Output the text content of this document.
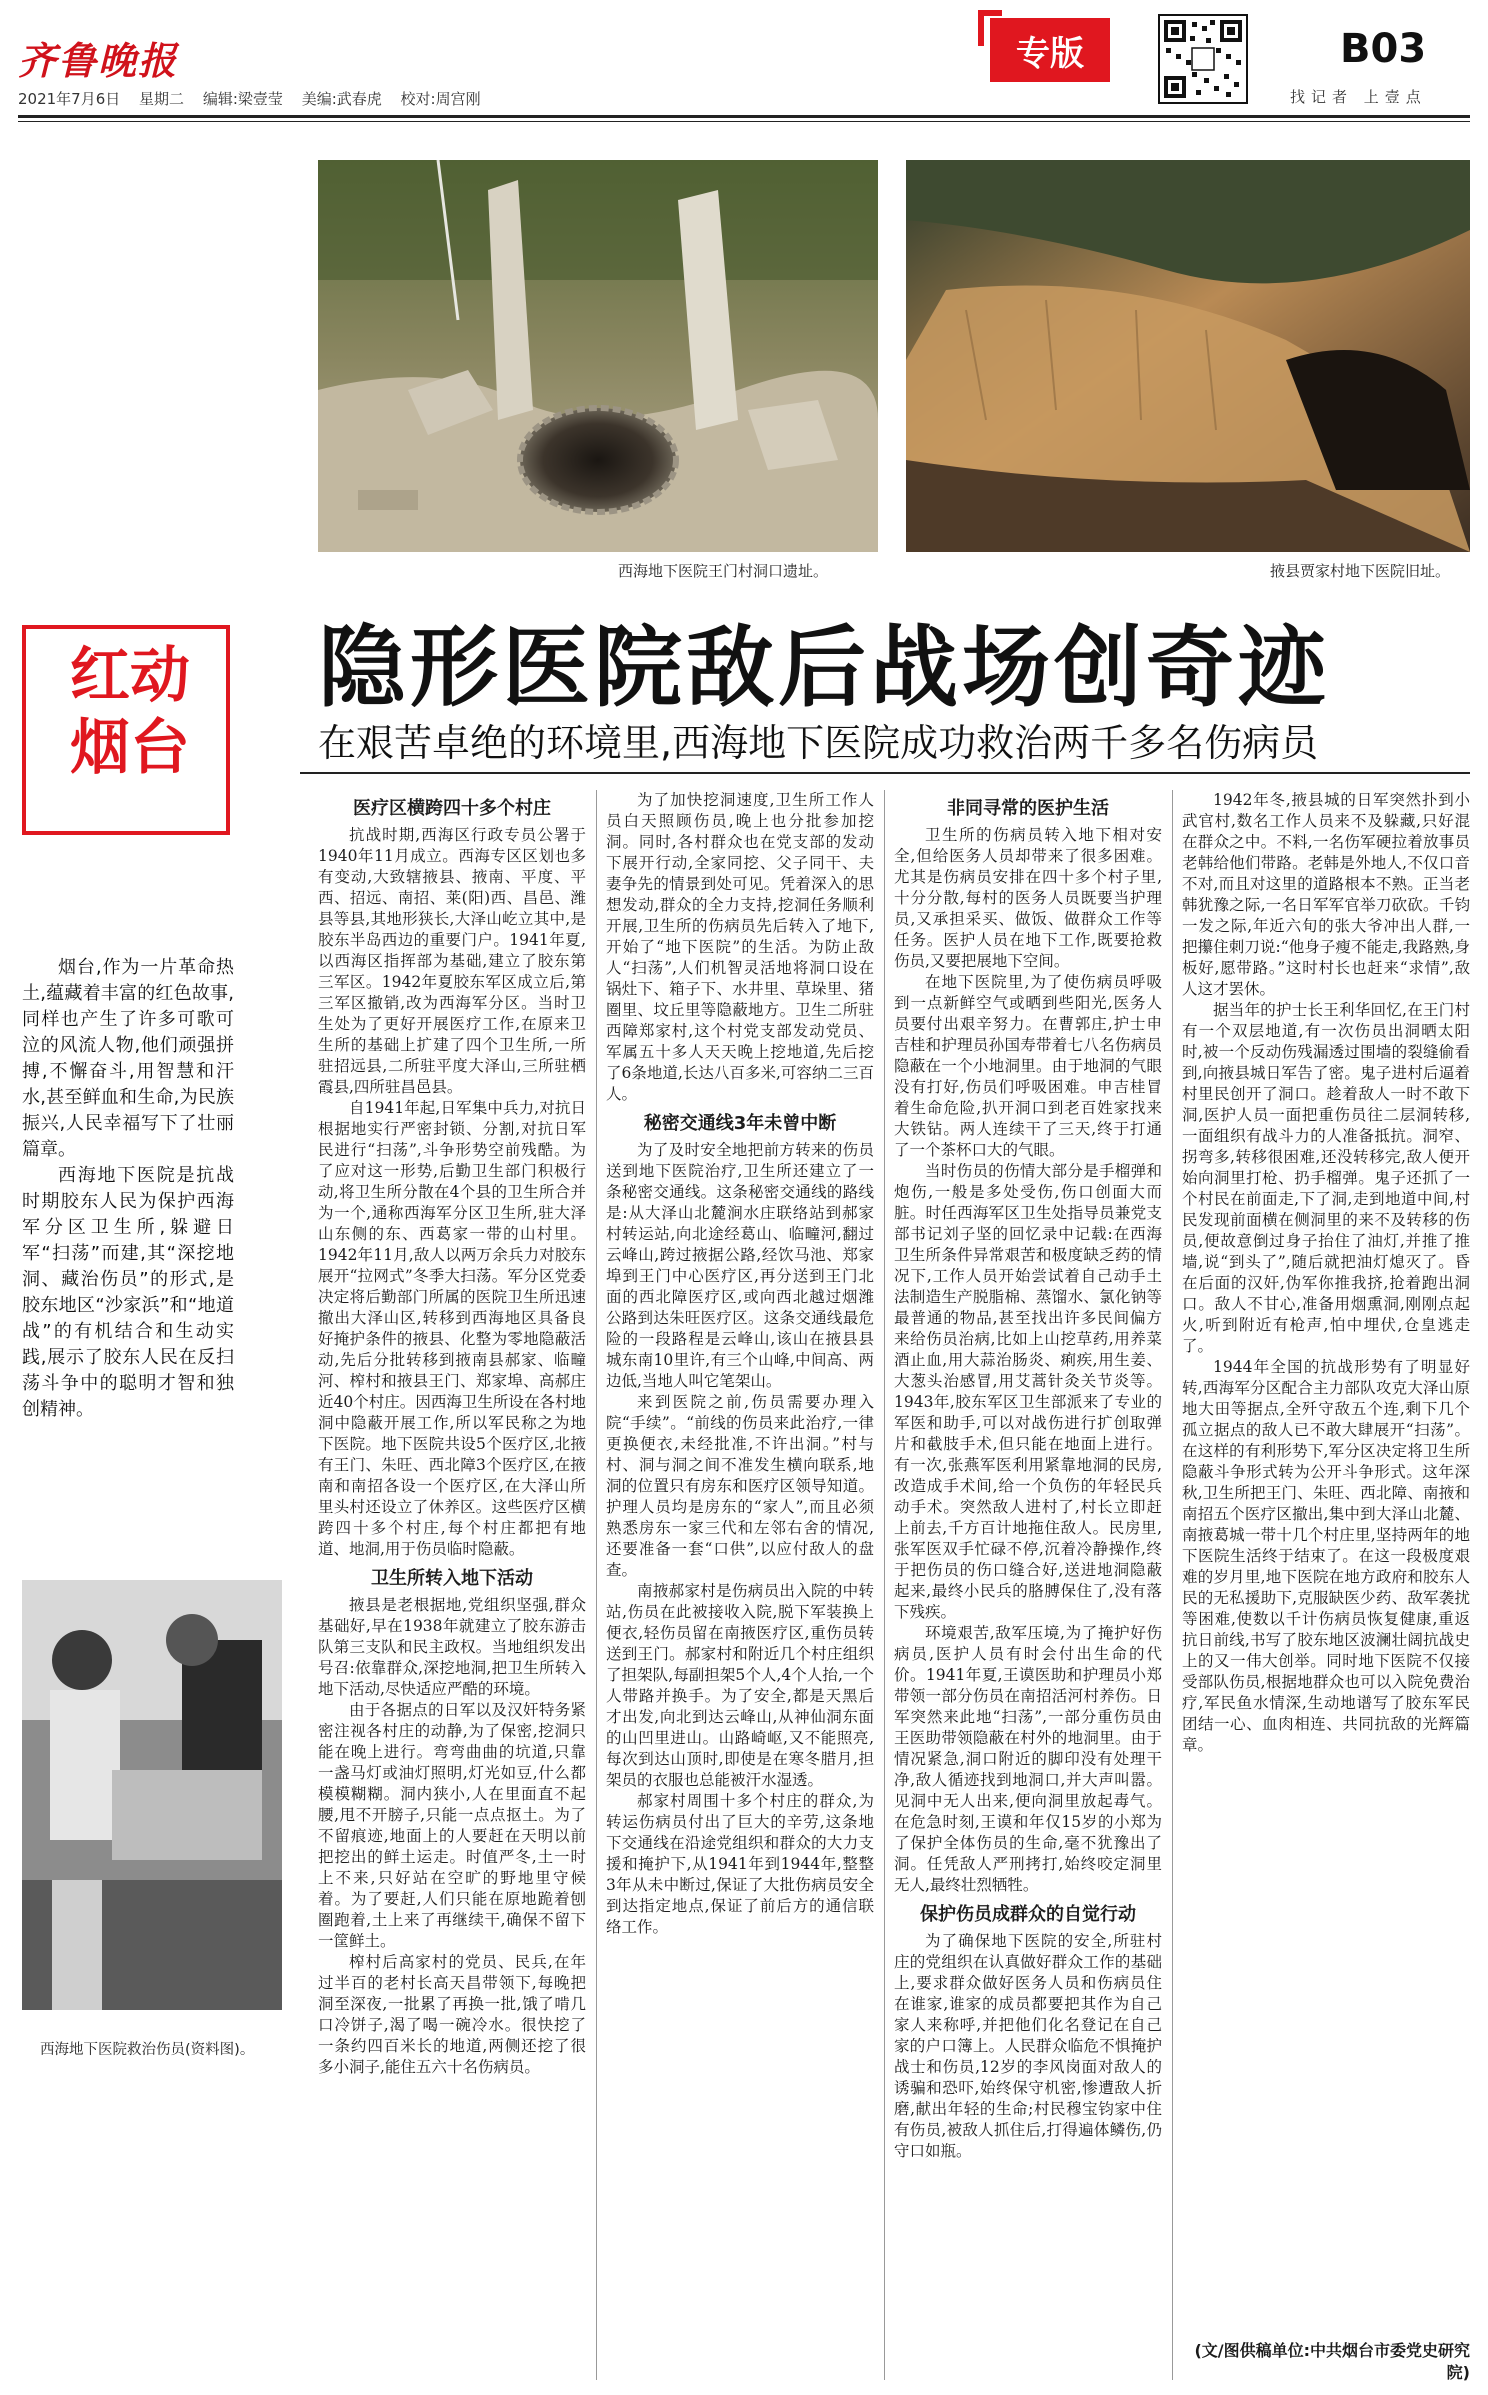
齐鲁晚报
2021年7月6日 星期二 编辑:梁壹莹 美编:武春虎 校对:周宫刚
专版	B03
找记者 上壹点
西海地下医院王门村洞口遗址。	掖县贾家村地下医院旧址。
红动
烟台
隐形医院敌后战场创奇迹
在艰苦卓绝的环境里,西海地下医院成功救治两千多名伤病员

烟台,作为一片革命热土,蕴藏着丰富的红色故事,同样也产生了许多可歌可泣的风流人物,他们顽强拼搏,不懈奋斗,用智慧和汗水,甚至鲜血和生命,为民族振兴,人民幸福写下了壮丽篇章。

西海地下医院是抗战时期胶东人民为保护西海军分区卫生所,躲避日军“扫荡”而建,其“深挖地洞、藏治伤员”的形式,是胶东地区“沙家浜”和“地道战”的有机结合和生动实践,展示了胶东人民在反扫荡斗争中的聪明才智和独创精神。

西海地下医院救治伤员(资料图)。
医疗区横跨四十多个村庄

抗战时期,西海区行政专员公署于1940年11月成立。西海专区区划也多有变动,大致辖掖县、掖南、平度、平西、招远、南招、莱(阳)西、昌邑、潍县等县,其地形狭长,大泽山屹立其中,是胶东半岛西边的重要门户。1941年夏,以西海区指挥部为基础,建立了胶东第三军区。1942年夏胶东军区成立后,第三军区撤销,改为西海军分区。当时卫生处为了更好开展医疗工作,在原来卫生所的基础上扩建了四个卫生所,一所驻招远县,二所驻平度大泽山,三所驻栖霞县,四所驻昌邑县。

自1941年起,日军集中兵力,对抗日根据地实行严密封锁、分割,对抗日军民进行“扫荡”,斗争形势空前残酷。为了应对这一形势,后勤卫生部门积极行动,将卫生所分散在4个县的卫生所合并为一个,通称西海军分区卫生所,驻大泽山东侧的东、西葛家一带的山村里。1942年11月,敌人以两万余兵力对胶东展开“拉网式”冬季大扫荡。军分区党委决定将后勤部门所属的医院卫生所迅速撤出大泽山区,转移到西海地区具备良好掩护条件的掖县、化整为零地隐蔽活动,先后分批转移到掖南县郝家、临疃河、榨村和掖县王门、郑家埠、高郝庄近40个村庄。因西海卫生所设在各村地洞中隐蔽开展工作,所以军民称之为地下医院。地下医院共设5个医疗区,北掖有王门、朱旺、西北障3个医疗区,在掖南和南招各设一个医疗区,在大泽山所里头村还设立了休养区。这些医疗区横跨四十多个村庄,每个村庄都把有地道、地洞,用于伤员临时隐蔽。

卫生所转入地下活动

掖县是老根据地,党组织坚强,群众基础好,早在1938年就建立了胶东游击队第三支队和民主政权。当地组织发出号召:依靠群众,深挖地洞,把卫生所转入地下活动,尽快适应严酷的环境。

由于各据点的日军以及汉奸特务紧密注视各村庄的动静,为了保密,挖洞只能在晚上进行。弯弯曲曲的坑道,只靠一盏马灯或油灯照明,灯光如豆,什么都模模糊糊。洞内狭小,人在里面直不起腰,甩不开膀子,只能一点点抠土。为了不留痕迹,地面上的人要赶在天明以前把挖出的鲜土运走。时值严冬,土一时上不来,只好站在空旷的野地里守候着。为了要赶,人们只能在原地跪着刨圈跑着,土上来了再继续干,确保不留下一筐鲜土。

榨村后高家村的党员、民兵,在年过半百的老村长高天昌带领下,每晚把洞至深夜,一批累了再换一批,饿了啃几口冷饼子,渴了喝一碗冷水。很快挖了一条约四百米长的地道,两侧还挖了很多小洞子,能住五六十名伤病员。

为了加快挖洞速度,卫生所工作人员白天照顾伤员,晚上也分批参加挖洞。同时,各村群众也在党支部的发动下展开行动,全家同挖、父子同干、夫妻争先的情景到处可见。凭着深入的思想发动,群众的全力支持,挖洞任务顺利开展,卫生所的伤病员先后转入了地下,开始了“地下医院”的生活。为防止敌人“扫荡”,人们机智灵活地将洞口设在锅灶下、箱子下、水井里、草垛里、猪圈里、坟丘里等隐蔽地方。卫生二所驻西障郑家村,这个村党支部发动党员、军属五十多人天天晚上挖地道,先后挖了6条地道,长达八百多米,可容纳二三百人。

秘密交通线3年未曾中断

为了及时安全地把前方转来的伤员送到地下医院治疗,卫生所还建立了一条秘密交通线。这条秘密交通线的路线是:从大泽山北麓涧水庄联络站到郝家村转运站,向北途经葛山、临疃河,翻过云峰山,跨过掖据公路,经饮马池、郑家埠到王门中心医疗区,再分送到王门北面的西北障医疗区,或向西北越过烟潍公路到达朱旺医疗区。这条交通线最危险的一段路程是云峰山,该山在掖县县城东南10里许,有三个山峰,中间高、两边低,当地人叫它笔架山。

来到医院之前,伤员需要办理入院“手续”。“前线的伤员来此治疗,一律更换便衣,未经批准,不许出洞。”村与村、洞与洞之间不准发生横向联系,地洞的位置只有房东和医疗区领导知道。护理人员均是房东的“家人”,而且必须熟悉房东一家三代和左邻右舍的情况,还要准备一套“口供”,以应付敌人的盘查。

南掖郝家村是伤病员出入院的中转站,伤员在此被接收入院,脱下军装换上便衣,轻伤员留在南掖医疗区,重伤员转送到王门。郝家村和附近几个村庄组织了担架队,每副担架5个人,4个人抬,一个人带路并换手。为了安全,都是天黑后才出发,向北到达云峰山,从神仙洞东面的山凹里进山。山路崎岖,又不能照亮,每次到达山顶时,即使是在寒冬腊月,担架员的衣服也总能被汗水湿透。

郝家村周围十多个村庄的群众,为转运伤病员付出了巨大的辛劳,这条地下交通线在沿途党组织和群众的大力支援和掩护下,从1941年到1944年,整整3年从未中断过,保证了大批伤病员安全到达指定地点,保证了前后方的通信联络工作。

非同寻常的医护生活

卫生所的伤病员转入地下相对安全,但给医务人员却带来了很多困难。尤其是伤病员安排在四十多个村子里,十分分散,每村的医务人员既要当护理员,又承担采买、做饭、做群众工作等任务。医护人员在地下工作,既要抢救伤员,又要把展地下空间。

在地下医院里,为了使伤病员呼吸到一点新鲜空气或晒到些阳光,医务人员要付出艰辛努力。在曹郭庄,护士申吉桂和护理员孙国寿带着七八名伤病员隐蔽在一个小地洞里。由于地洞的气眼没有打好,伤员们呼吸困难。申吉桂冒着生命危险,扒开洞口到老百姓家找来大铁钻。两人连续干了三天,终于打通了一个茶杯口大的气眼。

当时伤员的伤情大部分是手榴弹和炮伤,一般是多处受伤,伤口创面大而脏。时任西海军区卫生处指导员兼党支部书记刘子坚的回忆录中记载:在西海卫生所条件异常艰苦和极度缺乏药的情况下,工作人员开始尝试着自己动手土法制造生产脱脂棉、蒸馏水、氯化钠等最普通的物品,甚至找出许多民间偏方来给伤员治病,比如上山挖草药,用养菜酒止血,用大蒜治肠炎、痢疾,用生姜、大葱头治感冒,用艾蒿针灸关节炎等。1943年,胶东军区卫生部派来了专业的军医和助手,可以对战伤进行扩创取弹片和截肢手术,但只能在地面上进行。有一次,张燕军医利用紧靠地洞的民房,改造成手术间,给一个负伤的年轻民兵动手术。突然敌人进村了,村长立即赶上前去,千方百计地拖住敌人。民房里,张军医双手忙碌不停,沉着冷静操作,终于把伤员的伤口缝合好,送进地洞隐蔽起来,最终小民兵的胳膊保住了,没有落下残疾。

环境艰苦,敌军压境,为了掩护好伤病员,医护人员有时会付出生命的代价。1941年夏,王谟医助和护理员小郑带领一部分伤员在南招活河村养伤。日军突然来此地“扫荡”,一部分重伤员由王医助带领隐蔽在村外的地洞里。由于情况紧急,洞口附近的脚印没有处理干净,敌人循迹找到地洞口,并大声叫嚣。见洞中无人出来,便向洞里放起毒气。在危急时刻,王谟和年仅15岁的小郑为了保护全体伤员的生命,毫不犹豫出了洞。任凭敌人严刑拷打,始终咬定洞里无人,最终壮烈牺牲。

保护伤员成群众的自觉行动

为了确保地下医院的安全,所驻村庄的党组织在认真做好群众工作的基础上,要求群众做好医务人员和伤病员住在谁家,谁家的成员都要把其作为自己家人来称呼,并把他们化名登记在自己家的户口簿上。人民群众临危不惧掩护战士和伤员,12岁的李风岗面对敌人的诱骗和恐吓,始终保守机密,惨遭敌人折磨,献出年轻的生命;村民穆宝钧家中住有伤员,被敌人抓住后,打得遍体鳞伤,仍守口如瓶。

1942年冬,掖县城的日军突然扑到小武官村,数名工作人员来不及躲藏,只好混在群众之中。不料,一名伤军硬拉着放事员老韩给他们带路。老韩是外地人,不仅口音不对,而且对这里的道路根本不熟。正当老韩犹豫之际,一名日军军官举刀砍砍。千钧一发之际,年近六旬的张大爷冲出人群,一把攥住刺刀说:“他身子瘦不能走,我路熟,身板好,愿带路。”这时村长也赶来“求情”,敌人这才罢休。

据当年的护士长王利华回忆,在王门村有一个双层地道,有一次伤员出洞晒太阳时,被一个反动伤残漏透过围墙的裂缝偷看到,向掖县城日军告了密。鬼子进村后逼着村里民创开了洞口。趁着敌人一时不敢下洞,医护人员一面把重伤员往二层洞转移,一面组织有战斗力的人准备抵抗。洞窄、拐弯多,转移很困难,还没转移完,敌人便开始向洞里打枪、扔手榴弹。鬼子还抓了一个村民在前面走,下了洞,走到地道中间,村民发现前面横在侧洞里的来不及转移的伤员,便故意倒过身子抬住了油灯,并推了推墙,说“到头了”,随后就把油灯熄灭了。昏在后面的汉奸,伪军你推我挤,抢着跑出洞口。敌人不甘心,准备用烟熏洞,刚刚点起火,听到附近有枪声,怕中埋伏,仓皇逃走了。

1944年全国的抗战形势有了明显好转,西海军分区配合主力部队攻克大泽山原地大田等据点,全歼守敌五个连,剩下几个孤立据点的敌人已不敢大肆展开“扫荡”。在这样的有利形势下,军分区决定将卫生所隐蔽斗争形式转为公开斗争形式。这年深秋,卫生所把王门、朱旺、西北障、南掖和南招五个医疗区撤出,集中到大泽山北麓、南掖葛城一带十几个村庄里,坚持两年的地下医院生活终于结束了。在这一段极度艰难的岁月里,地下医院在地方政府和胶东人民的无私援助下,克服缺医少药、敌军袭扰等困难,使数以千计伤病员恢复健康,重返抗日前线,书写了胶东地区波澜壮阔抗战史上的又一伟大创举。同时地下医院不仅接受部队伤员,根据地群众也可以入院免费治疗,军民鱼水情深,生动地谱写了胶东军民团结一心、血肉相连、共同抗敌的光辉篇章。

(文/图供稿单位:中共烟台市委党史研究院)
